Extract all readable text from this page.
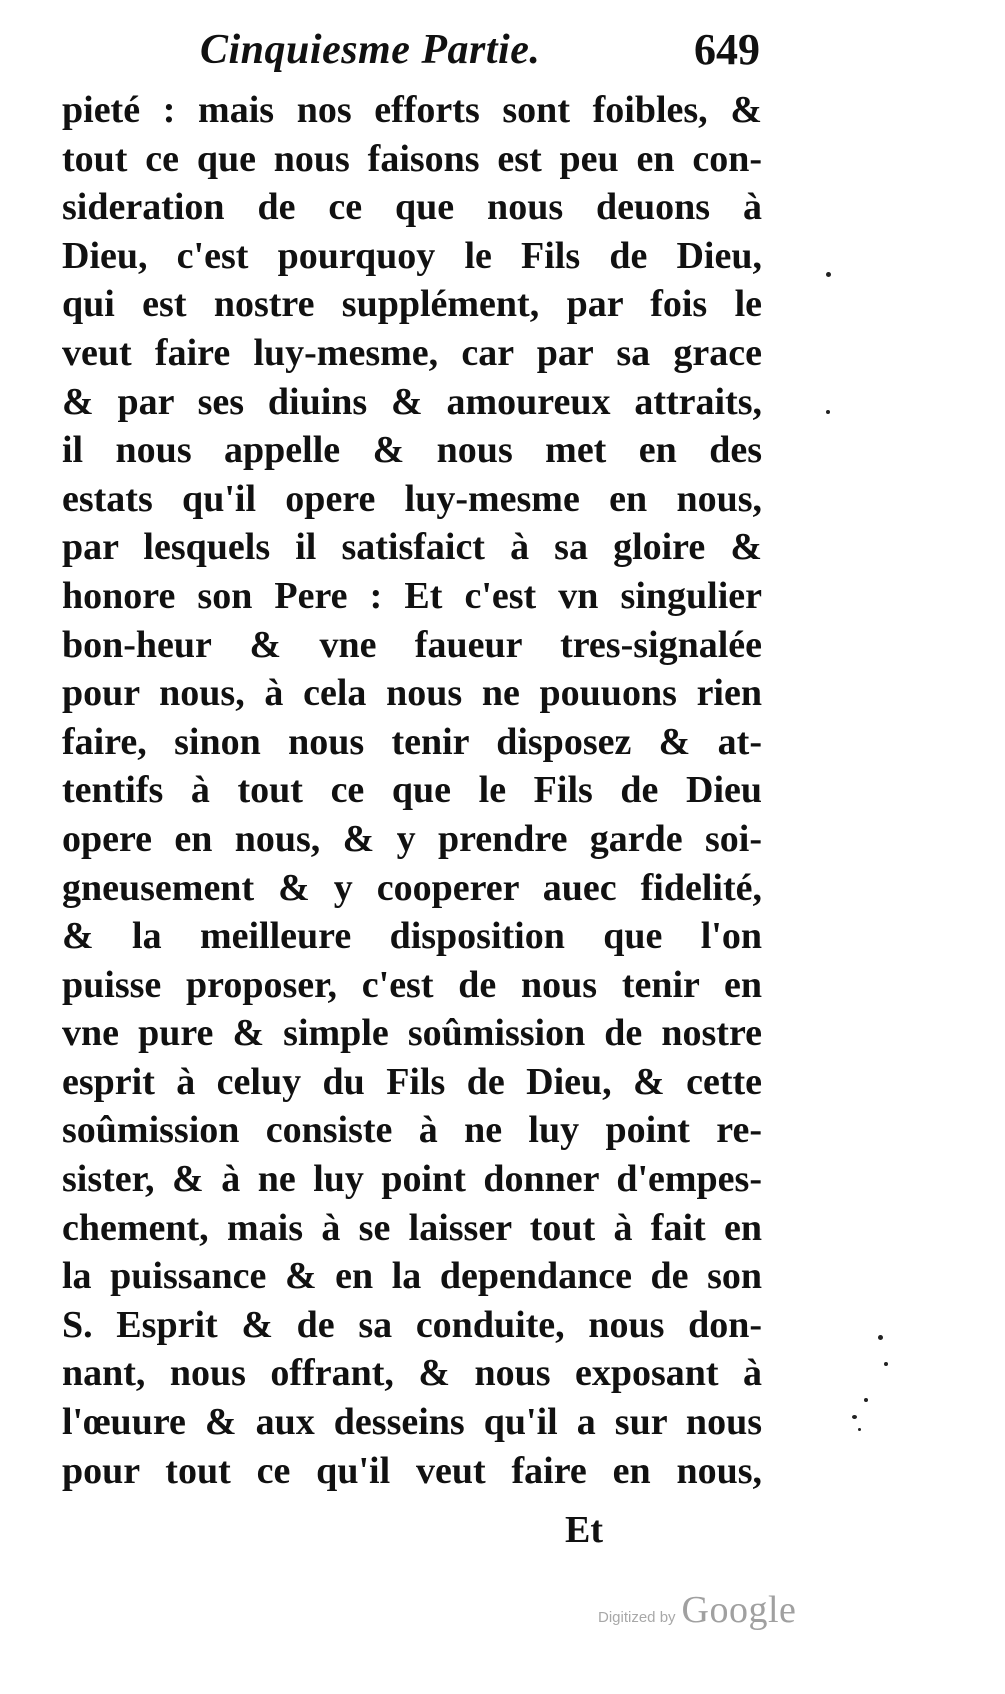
Cinquiesme Partie.	649
pieté : mais nos efforts sont foibles, &
tout ce que nous faisons est peu en con-
sideration de ce que nous deuons à
Dieu, c'est pourquoy le Fils de Dieu,
qui est nostre supplément, par fois le
veut faire luy-mesme, car par sa grace
& par ses diuins & amoureux attraits,
il nous appelle & nous met en des
estats qu'il opere luy-mesme en nous,
par lesquels il satisfaict à sa gloire &
honore son Pere : Et c'est vn singulier
bon-heur & vne faueur tres-signalée
pour nous, à cela nous ne pouuons rien
faire, sinon nous tenir disposez & at-
tentifs à tout ce que le Fils de Dieu
opere en nous, & y prendre garde soi-
gneusement & y cooperer auec fidelité,
& la meilleure disposition que l'on
puisse proposer, c'est de nous tenir en
vne pure & simple soûmission de nostre
esprit à celuy du Fils de Dieu, & cette
soûmission consiste à ne luy point re-
sister, & à ne luy point donner d'empes-
chement, mais à se laisser tout à fait en
la puissance & en la dependance de son
S. Esprit & de sa conduite, nous don-
nant, nous offrant, & nous exposant à
l'œuure & aux desseins qu'il a sur nous
pour tout ce qu'il veut faire en nous,
Et
Digitized by Google
